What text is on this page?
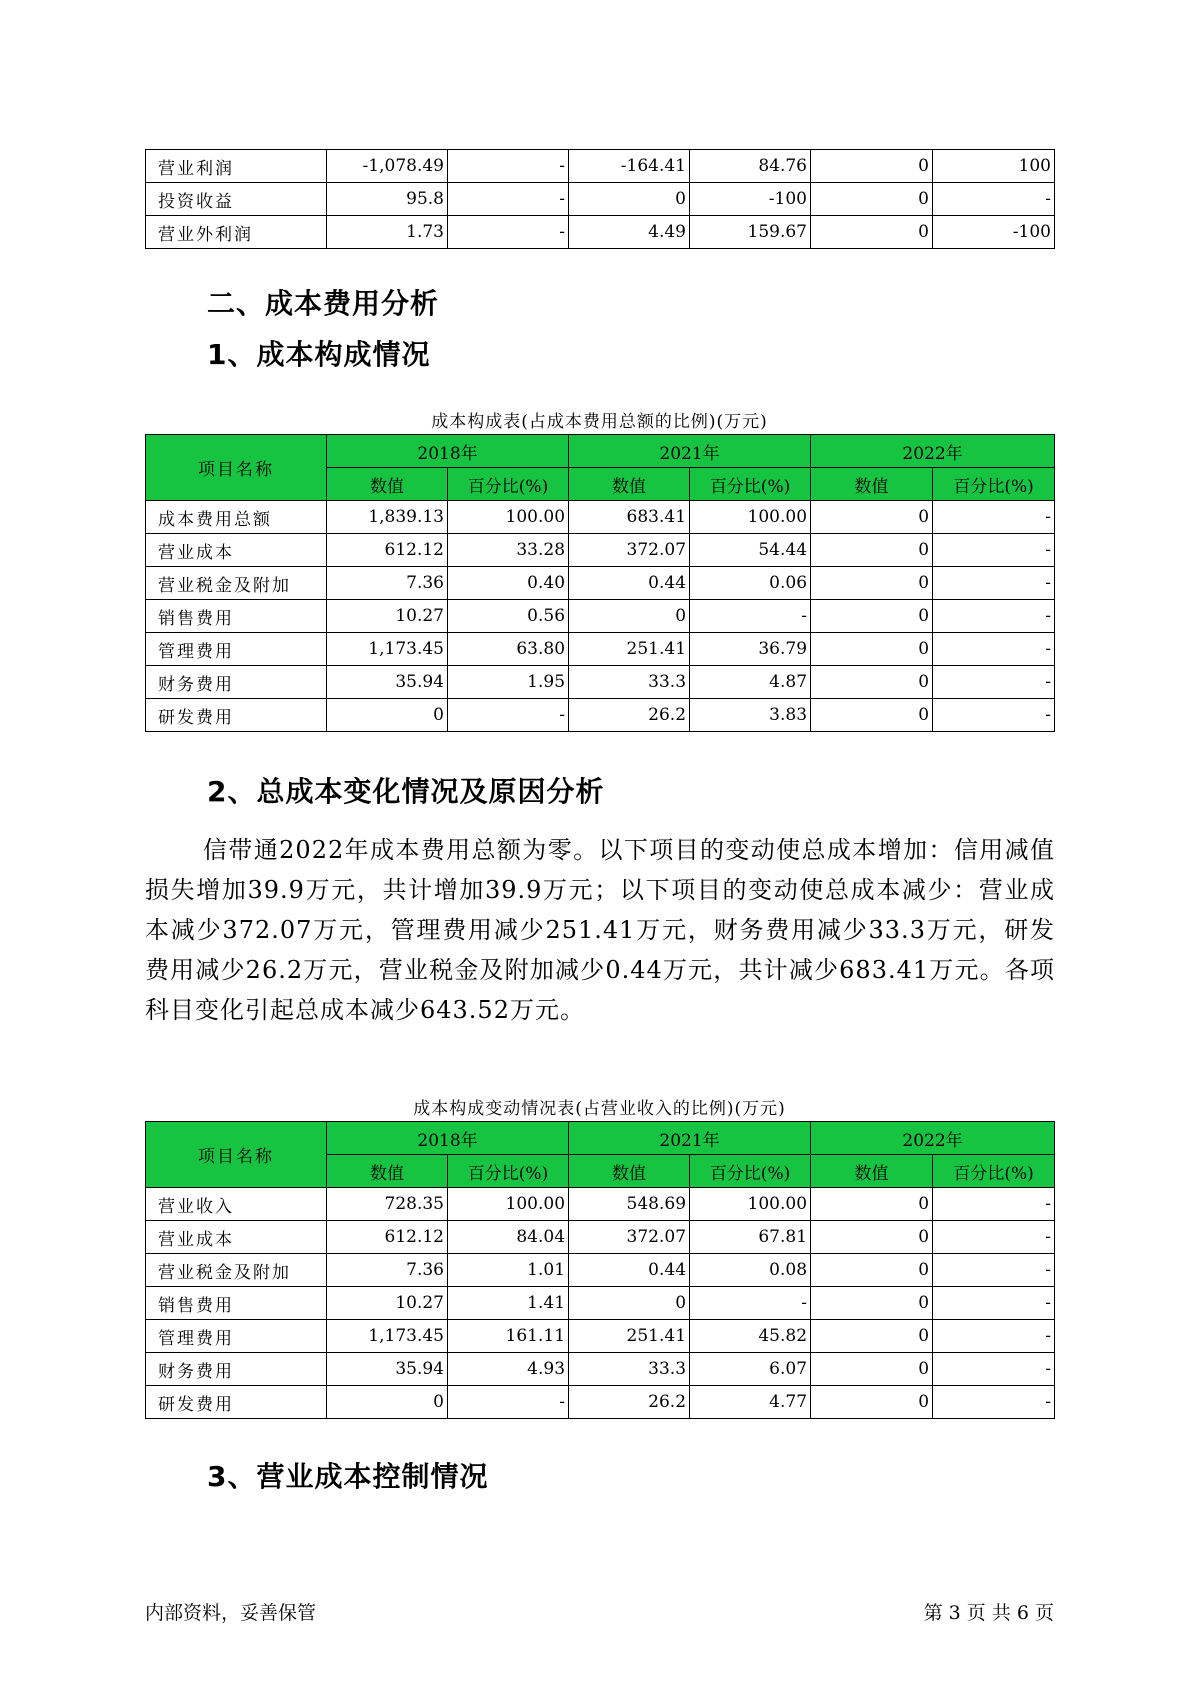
营业利润	-1,078.49	-	-164.41	84.76	0	100
投资收益	95.8	-	0	-100	0	-
营业外利润	1.73	-	4.49	159.67	0	-100
二、成本费用分析
1、成本构成情况
成本构成表(占成本费用总额的比例)(万元)
项目名称	2018年		2021年		2022年	
	数值	百分比(%)	数值	百分比(%)	数值	百分比(%)
成本费用总额	1,839.13	100.00	683.41	100.00	0	-
营业成本	612.12	33.28	372.07	54.44	0	-
营业税金及附加	7.36	0.40	0.44	0.06	0	-
销售费用	10.27	0.56	0	-	0	-
管理费用	1,173.45	63.80	251.41	36.79	0	-
财务费用	35.94	1.95	33.3	4.87	0	-
研发费用	0	-	26.2	3.83	0	-
2、总成本变化情况及原因分析

信带通2022年成本费用总额为零。以下项目的变动使总成本增加：信用减值损失增加39.9万元，共计增加39.9万元；以下项目的变动使总成本减少：营业成本减少372.07万元，管理费用减少251.41万元，财务费用减少33.3万元，研发费用减少26.2万元，营业税金及附加减少0.44万元，共计减少683.41万元。各项科目变化引起总成本减少643.52万元。

成本构成变动情况表(占营业收入的比例)(万元)
项目名称	2018年		2021年		2022年	
	数值	百分比(%)	数值	百分比(%)	数值	百分比(%)
营业收入	728.35	100.00	548.69	100.00	0	-
营业成本	612.12	84.04	372.07	67.81	0	-
营业税金及附加	7.36	1.01	0.44	0.08	0	-
销售费用	10.27	1.41	0	-	0	-
管理费用	1,173.45	161.11	251.41	45.82	0	-
财务费用	35.94	4.93	33.3	6.07	0	-
研发费用	0	-	26.2	4.77	0	-
3、营业成本控制情况
内部资料，妥善保管	第 3 页 共 6 页
